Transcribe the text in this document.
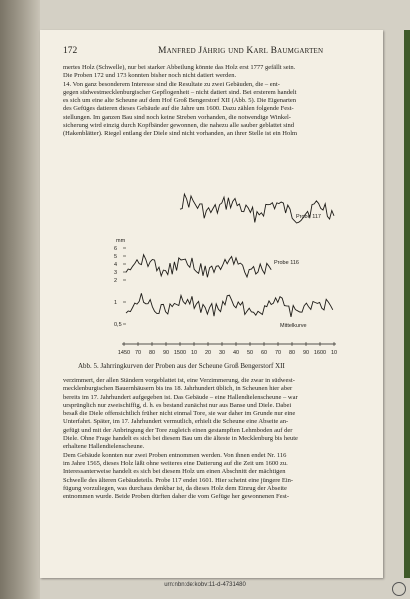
172	Manfred Jährig und Karl Baumgarten
mertes Holz (Schwelle), nur bei starker Abbeilung könnte das Holz erst 1777 gefällt sein.
Die Proben 172 und 173 konnten bisher noch nicht datiert werden.
14. Von ganz besonderem Interesse sind die Resultate zu zwei Gebäuden, die – ent-
gegen südwestmecklenburgischer Gepflogenheit – nicht datiert sind. Bei ersterem handelt
es sich um eine alte Scheune auf dem Hof Groß Bengerstorf XII (Abb. 5). Die Eigenarten
des Gefüges datieren dieses Gebäude auf die Jahre um 1600. Dazu zählen folgende Fest-
stellungen. Im ganzen Bau sind noch keine Streben vorhanden, die notwendige Winkel-
sicherung wird einzig durch Kopfbänder gewonnen, die nahezu alle sauber geblattet sind
(Hakenblätter). Riegel entlang der Diele sind nicht vorhanden, an ihrer Stelle ist ein Holm
mm
6
5
4
3
2
1
0,5
1450 70 80 90 1500 10 20 30 40 50 60 70 80 90 1600 10
Probe 117
Probe 116
Mittelkurve
Abb. 5. Jahrringkurven der Proben aus der Scheune Groß Bengerstorf XII
verzimmert, der allen Ständern vorgeblattet ist, eine Verzimmerung, die zwar in südwest-
mecklenburgischen Bauernhäusern bis ins 18. Jahrhundert üblich, in Scheunen hier aber
bereits im 17. Jahrhundert aufgegeben ist. Das Gebäude – eine Hallendielenscheune – war
ursprünglich nur zweischiffig, d. h. es bestand zunächst nur aus Banse und Diele. Dabei
besaß die Diele offensichtlich früher nicht einmal Tore, sie war daher im Grunde nur eine
Unterfahrt. Später, im 17. Jahrhundert vermutlich, erhielt die Scheune eine Abseite an-
gefügt und mit der Anbringung der Tore zugleich einen gestampften Lehmboden auf der
Diele. Ohne Frage handelt es sich bei diesem Bau um die älteste in Mecklenburg bis heute
erhaltene Hallendielenscheune.
Dem Gebäude konnten nur zwei Proben entnommen werden. Von ihnen endet Nr. 116
im Jahre 1565, dieses Holz läßt ohne weiteres eine Datierung auf die Zeit um 1600 zu.
Interessanterweise handelt es sich bei diesem Holz um einen Abschnitt der mächtigen
Schwelle des älteren Gebäudeteils. Probe 117 endet 1601. Hier scheint eine jüngere Ein-
fügung vorzuliegen, was durchaus denkbar ist, da dieses Holz dem Einrug der Abseite
entnommen wurde. Beide Proben dürften daher die vom Gefüge her gewonnenen Fest-
urn:nbn:de:kobv:11-d-4731480
